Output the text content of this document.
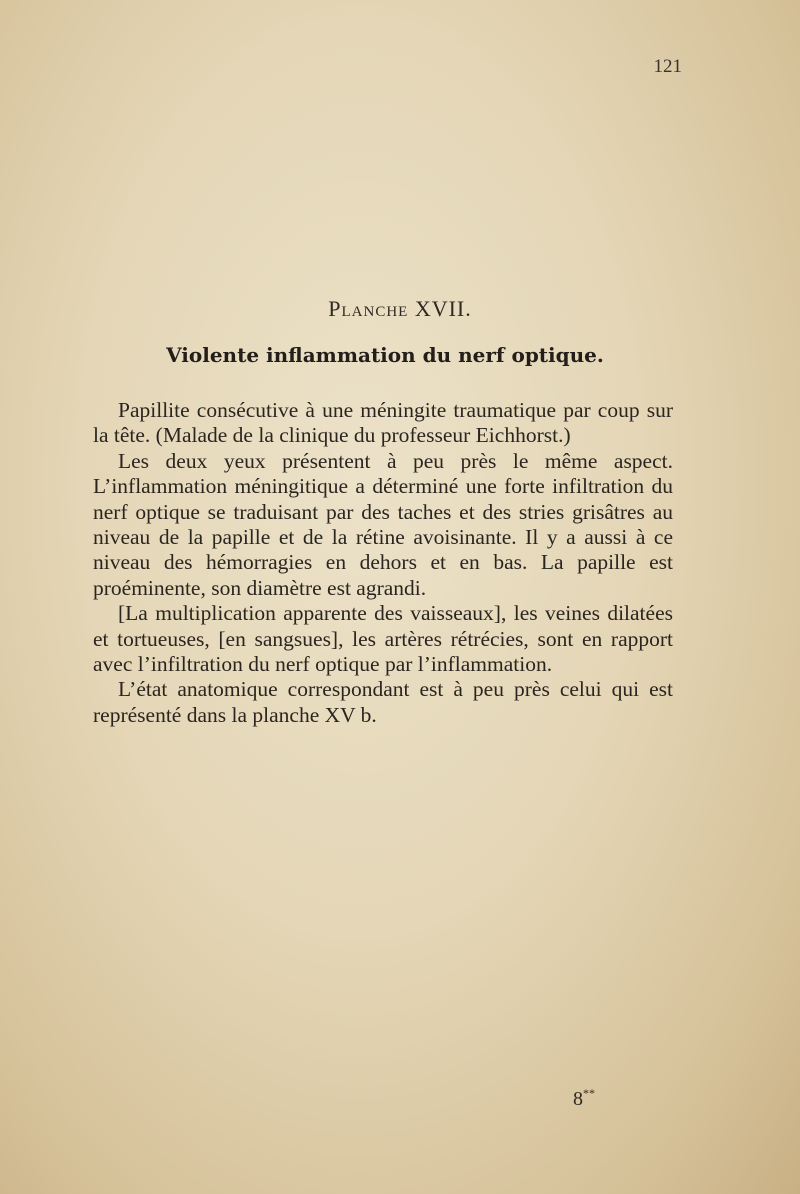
121
Planche XVII.
Violente inflammation du nerf optique.

Papillite consécutive à une méningite traumatique par coup sur la tête. (Malade de la clinique du professeur Eichhorst.)

Les deux yeux présentent à peu près le même aspect. L’inflammation méningitique a déterminé une forte infiltration du nerf optique se traduisant par des taches et des stries grisâtres au niveau de la papille et de la rétine avoisinante. Il y a aussi à ce niveau des hémorragies en dehors et en bas. La papille est proéminente, son diamètre est agrandi.

[La multiplication apparente des vaisseaux], les veines dilatées et tortueuses, [en sangsues], les artères rétrécies, sont en rapport avec l’infiltration du nerf optique par l’inflammation.

L’état anatomique correspondant est à peu près celui qui est représenté dans la planche XV b.

8**
